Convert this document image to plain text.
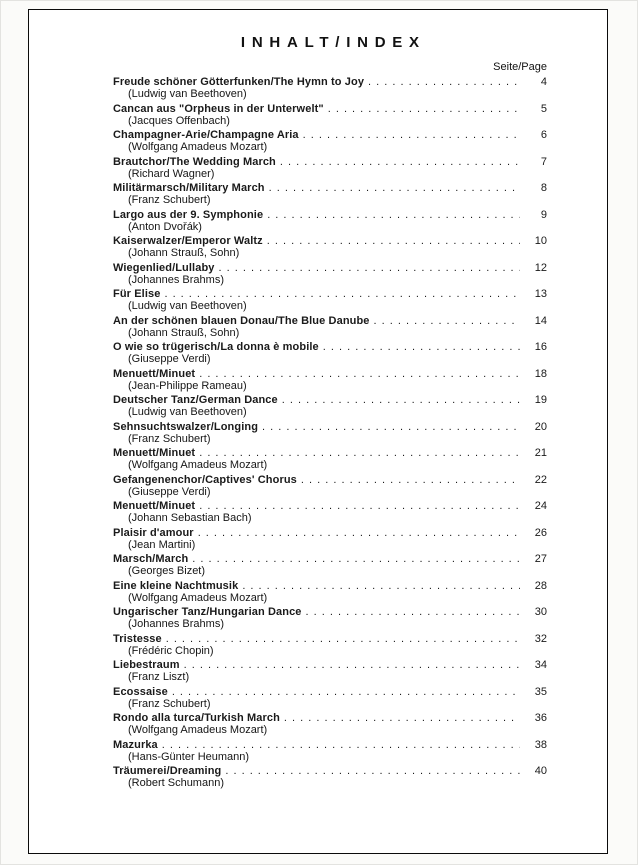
INHALT/INDEX
Seite/Page
Freude schöner Götterfunken/The Hymn to Joy . . .	4
(Ludwig van Beethoven)
Cancan aus "Orpheus in der Unterwelt" . . .	5
(Jacques Offenbach)
Champagner-Arie/Champagne Aria . . .	6
(Wolfgang Amadeus Mozart)
Brautchor/The Wedding March . . .	7
(Richard Wagner)
Militärmarsch/Military March . . .	8
(Franz Schubert)
Largo aus der 9. Symphonie . . .	9
(Anton Dvořák)
Kaiserwalzer/Emperor Waltz . . .	10
(Johann Strauß, Sohn)
Wiegenlied/Lullaby . . .	12
(Johannes Brahms)
Für Elise . . .	13
(Ludwig van Beethoven)
An der schönen blauen Donau/The Blue Danube . . .	14
(Johann Strauß, Sohn)
O wie so trügerisch/La donna è mobile . . .	16
(Giuseppe Verdi)
Menuett/Minuet . . .	18
(Jean-Philippe Rameau)
Deutscher Tanz/German Dance . . .	19
(Ludwig van Beethoven)
Sehnsuchtswalzer/Longing . . .	20
(Franz Schubert)
Menuett/Minuet . . .	21
(Wolfgang Amadeus Mozart)
Gefangenenchor/Captives' Chorus . . .	22
(Giuseppe Verdi)
Menuett/Minuet . . .	24
(Johann Sebastian Bach)
Plaisir d'amour . . .	26
(Jean Martini)
Marsch/March . . .	27
(Georges Bizet)
Eine kleine Nachtmusik . . .	28
(Wolfgang Amadeus Mozart)
Ungarischer Tanz/Hungarian Dance . . .	30
(Johannes Brahms)
Tristesse . . .	32
(Frédéric Chopin)
Liebestraum . . .	34
(Franz Liszt)
Ecossaise . . .	35
(Franz Schubert)
Rondo alla turca/Turkish March . . .	36
(Wolfgang Amadeus Mozart)
Mazurka . . .	38
(Hans-Günter Heumann)
Träumerei/Dreaming . . .	40
(Robert Schumann)
